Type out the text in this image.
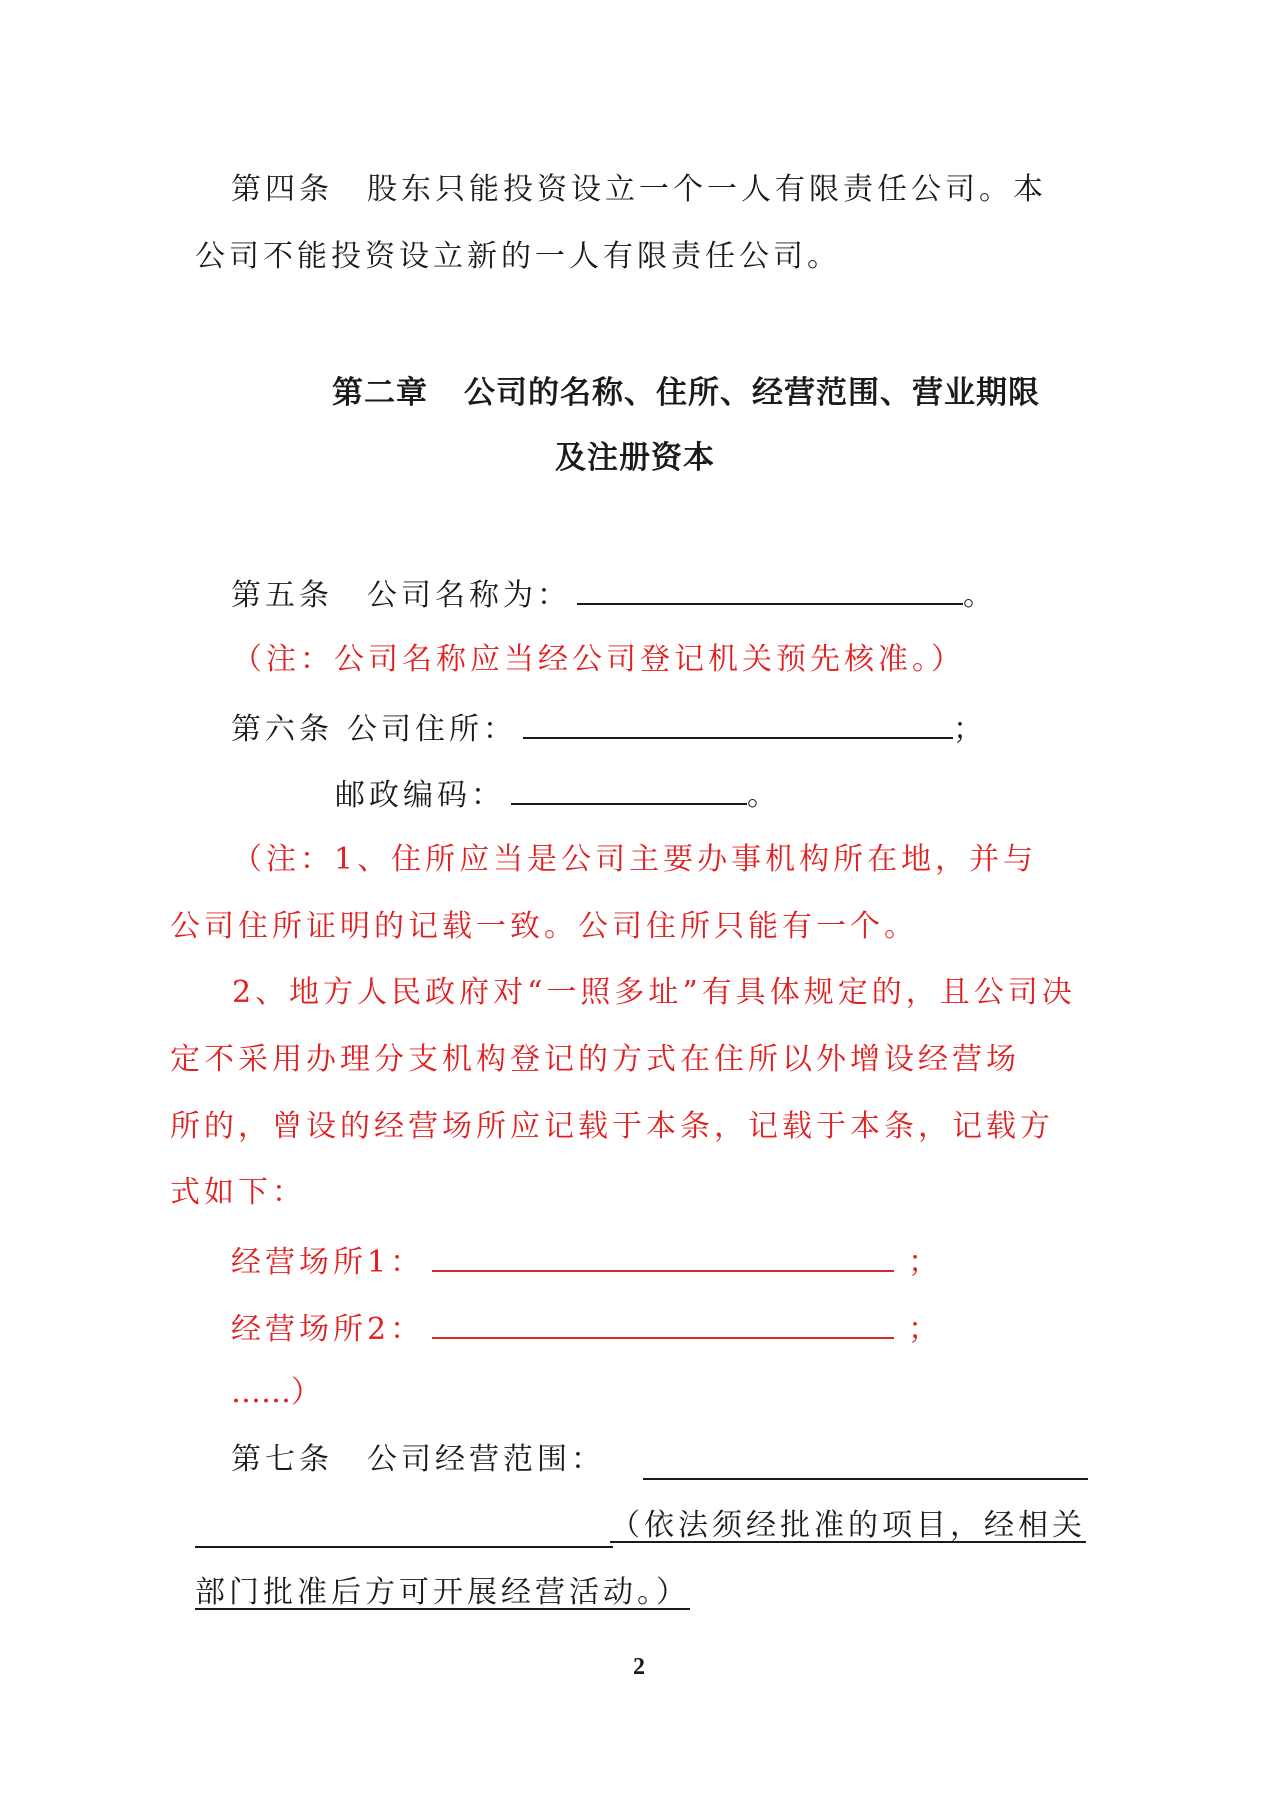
第四条 股东只能投资设立一个一人有限责任公司。本
公司不能投资设立新的一人有限责任公司。
第二章 公司的名称、住所、经营范围、营业期限
及注册资本
第五条 公司名称为：	。
（注：公司名称应当经公司登记机关预先核准。）
第六条 公司住所：	；
邮政编码：	。
（注：1、住所应当是公司主要办事机构所在地，并与
公司住所证明的记载一致。公司住所只能有一个。
2、地方人民政府对“一照多址”有具体规定的，且公司决
定不采用办理分支机构登记的方式在住所以外增设经营场
所的，曾设的经营场所应记载于本条，记载于本条，记载方
式如下：
经营场所1：	；
经营场所2：	；
……）
第七条 公司经营范围：
（依法须经批准的项目，经相关
部门批准后方可开展经营活动。）
2
